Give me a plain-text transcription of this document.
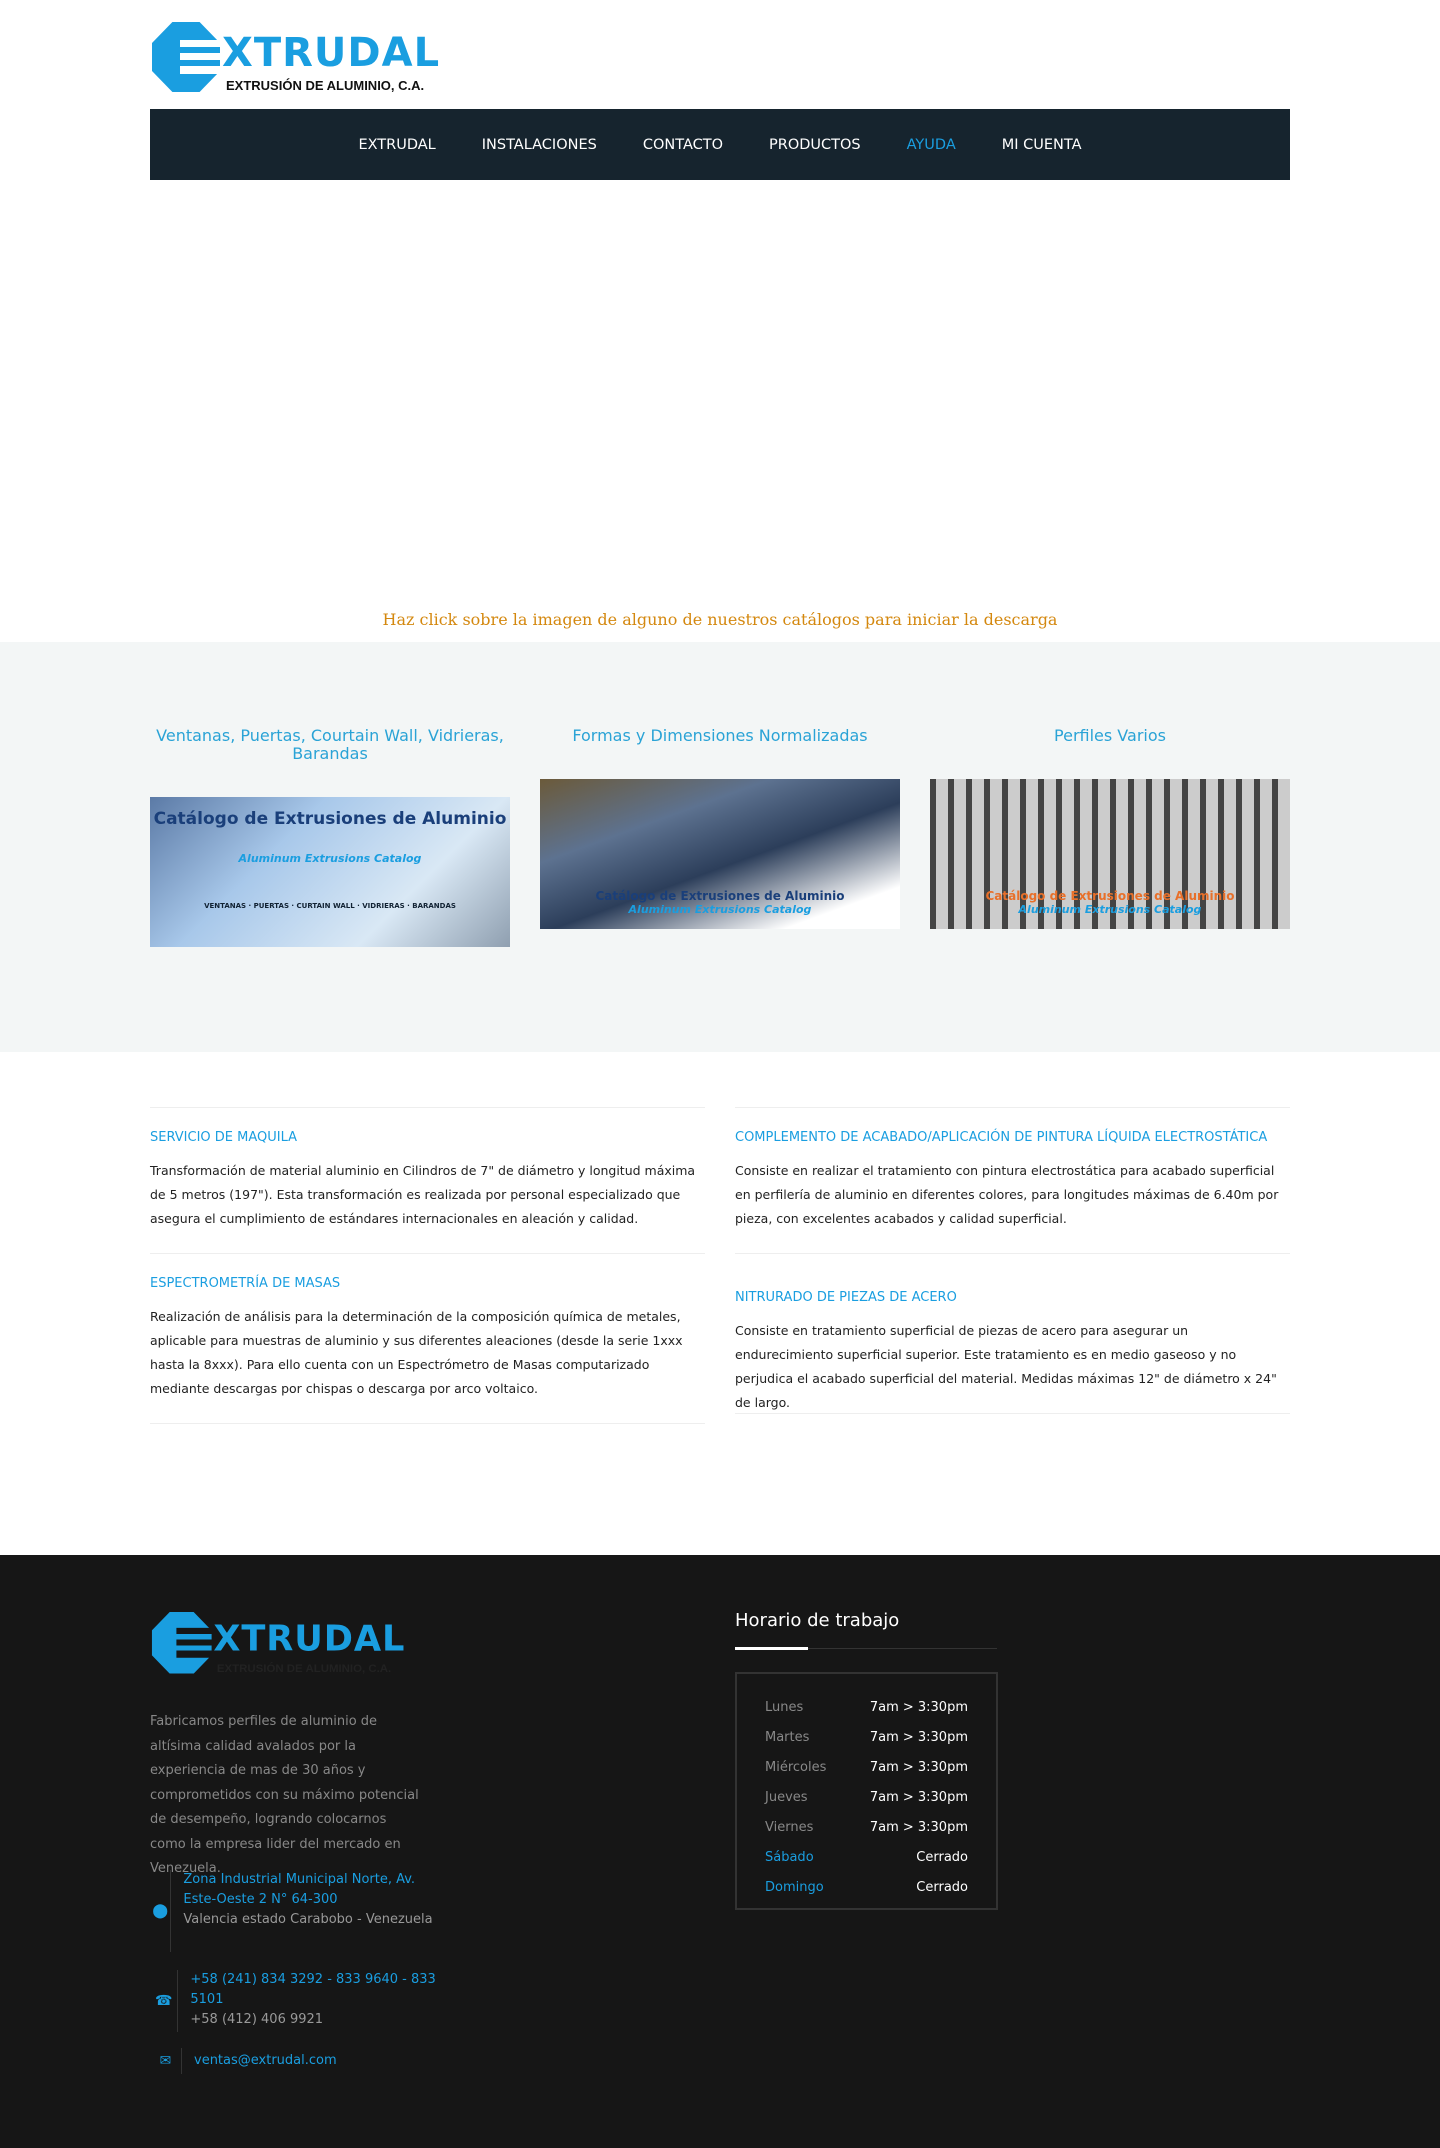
XTRUDAL
EXTRUSIÓN DE ALUMINIO, C.A.
EXTRUDAL	INSTALACIONES	CONTACTO	PRODUCTOS	AYUDA	MI CUENTA
Haz click sobre la imagen de alguno de nuestros catálogos para iniciar la descarga
Ventanas, Puertas, Courtain Wall, Vidrieras, Barandas
Formas y Dimensiones Normalizadas	Perfiles Varios
Catálogo de Extrusiones de Aluminio
Aluminum Extrusions Catalog
VENTANAS · PUERTAS · CURTAIN WALL · VIDRIERAS · BARANDAS
Catálogo de Extrusiones de Aluminio
Aluminum Extrusions Catalog
Catálogo de Extrusiones de Aluminio
Aluminum Extrusions Catalog
SERVICIO DE MAQUILA

Transformación de material aluminio en Cilindros de 7" de diámetro y longitud máxima de 5 metros (197"). Esta transformación es realizada por personal especializado que asegura el cumplimiento de estándares internacionales en aleación y calidad.

ESPECTROMETRÍA DE MASAS

Realización de análisis para la determinación de la composición química de metales, aplicable para muestras de aluminio y sus diferentes aleaciones (desde la serie 1xxx hasta la 8xxx). Para ello cuenta con un Espectrómetro de Masas computarizado mediante descargas por chispas o descarga por arco voltaico.

COMPLEMENTO DE ACABADO/APLICACIÓN DE PINTURA LÍQUIDA ELECTROSTÁTICA

Consiste en realizar el tratamiento con pintura electrostática para acabado superficial en perfilería de aluminio en diferentes colores, para longitudes máximas de 6.40m por pieza, con excelentes acabados y calidad superficial.

NITRURADO DE PIEZAS DE ACERO

Consiste en tratamiento superficial de piezas de acero para asegurar un endurecimiento superficial superior. Este tratamiento es en medio gaseoso y no perjudica el acabado superficial del material. Medidas máximas 12" de diámetro x 24" de largo.

XTRUDAL
EXTRUSIÓN DE ALUMINIO, C.A.
Fabricamos perfiles de aluminio de altísima calidad avalados por la experiencia de mas de 30 años y comprometidos con su máximo potencial de desempeño, logrando colocarnos como la empresa lider del mercado en Venezuela.
⬤
Zona Industrial Municipal Norte, Av. Este-Oeste 2 N° 64-300
Valencia estado Carabobo - Venezuela
☎
+58 (241) 834 3292 - 833 9640 - 833 5101
+58 (412) 406 9921
✉	ventas@extrudal.com
Horario de trabajo
Lunes	7am > 3:30pm
Martes	7am > 3:30pm
Miércoles	7am > 3:30pm
Jueves	7am > 3:30pm
Viernes	7am > 3:30pm
Sábado	Cerrado
Domingo	Cerrado
